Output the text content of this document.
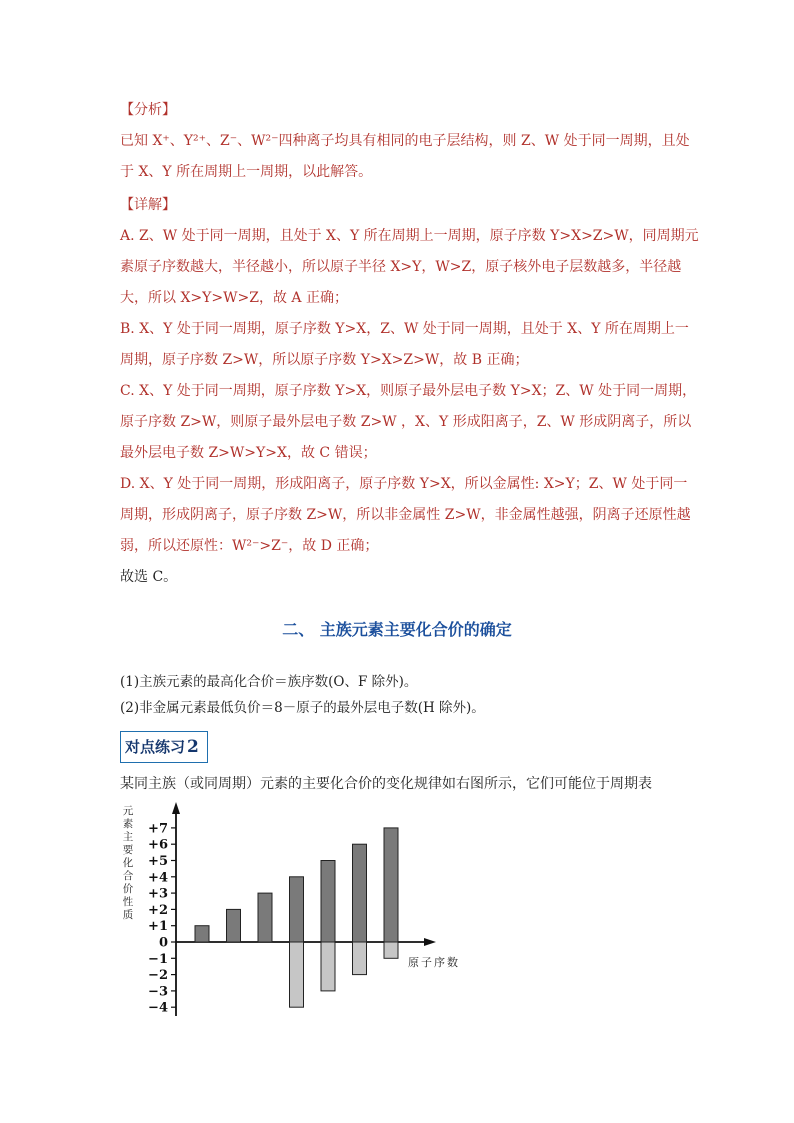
【分析】
已知 X⁺、Y²⁺、Z⁻、W²⁻四种离子均具有相同的电子层结构，则 Z、W 处于同一周期，且处
于 X、Y 所在周期上一周期，以此解答。
【详解】
A. Z、W 处于同一周期，且处于 X、Y 所在周期上一周期，原子序数 Y>X>Z>W，同周期元
素原子序数越大，半径越小，所以原子半径 X>Y，W>Z，原子核外电子层数越多，半径越
大，所以 X>Y>W>Z，故 A 正确；
B. X、Y 处于同一周期，原子序数 Y>X，Z、W 处于同一周期，且处于 X、Y 所在周期上一
周期，原子序数 Z>W，所以原子序数 Y>X>Z>W，故 B 正确；
C. X、Y 处于同一周期，原子序数 Y>X，则原子最外层电子数 Y>X；Z、W 处于同一周期，
原子序数 Z>W，则原子最外层电子数 Z>W ，X、Y 形成阳离子，Z、W 形成阴离子，所以
最外层电子数 Z>W>Y>X，故 C 错误；
D. X、Y 处于同一周期，形成阳离子，原子序数 Y>X，所以金属性: X>Y；Z、W 处于同一
周期，形成阴离子，原子序数 Z>W，所以非金属性 Z>W，非金属性越强，阴离子还原性越
弱，所以还原性：W²⁻>Z⁻，故 D 正确；
故选 C。
二、 主族元素主要化合价的确定
(1)主族元素的最高化合价＝族序数(O、F 除外)。
(2)非金属元素最低负价＝8－原子的最外层电子数(H 除外)。
对点练习 2
某同主族（或同周期）元素的主要化合价的变化规律如右图所示，它们可能位于周期表
+7
+6
+5
+4
+3
+2
+1
0
−1
−2
−3
−4
元
素
主
要
化
合
价
性
质
原子序数
